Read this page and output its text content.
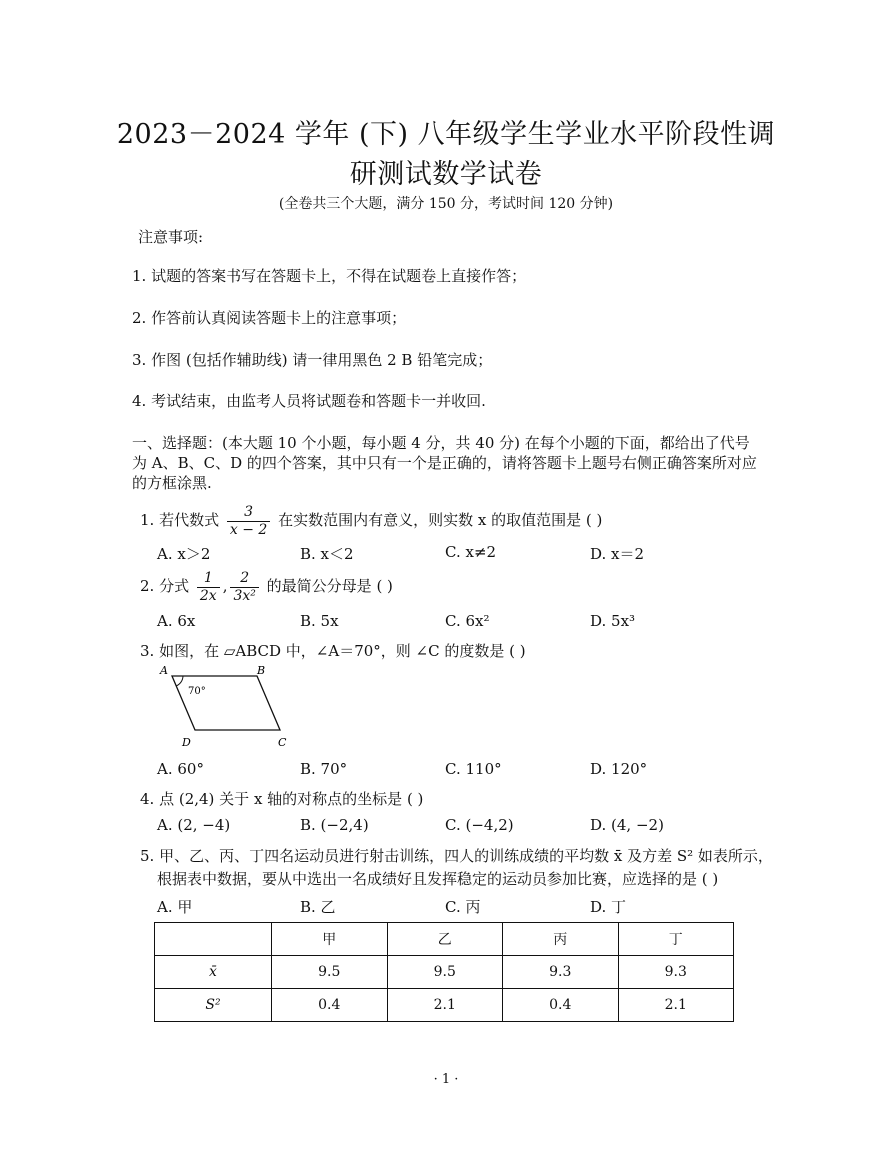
2023－2024 学年 (下) 八年级学生学业水平阶段性调
研测试数学试卷
(全卷共三个大题，满分 150 分，考试时间 120 分钟)
注意事项:
1. 试题的答案书写在答题卡上，不得在试题卷上直接作答；
2. 作答前认真阅读答题卡上的注意事项；
3. 作图 (包括作辅助线) 请一律用黑色 2 B 铅笔完成；
4. 考试结束，由监考人员将试题卷和答题卡一并收回.
一、选择题：(本大题 10 个小题，每小题 4 分，共 40 分) 在每个小题的下面，都给出了代号
为 A、B、C、D 的四个答案，其中只有一个是正确的，请将答题卡上题号右侧正确答案所对应
的方框涂黑.
1. 若代数式 $\frac{3}{x - 2}$ 在实数范围内有意义，则实数 x 的取值范围是 ( )
A. x＞2	B. x＜2	C. x≠2	D. x＝2
2. 分式 $\frac{1}{2x}$ , $\frac{2}{\text{3x²}}$ 的最简公分母是 ( )
A. 6x	B. 5x	C. 6x²	D. 5x³
3. 如图，在 ▱ABCD 中，∠A＝70°，则 ∠C 的度数是 ( )
A	B
C
D
70°
A. 60°	B. 70°	C. 110°	D. 120°
4. 点 (2,4) 关于 x 轴的对称点的坐标是 ( )
A. (2, −4)	B. (−2,4)	C. (−4,2)	D. (4, −2)
5. 甲、乙、丙、丁四名运动员进行射击训练，四人的训练成绩的平均数 x̄ 及方差 S² 如表所示，
根据表中数据，要从中选出一名成绩好且发挥稳定的运动员参加比赛，应选择的是 ( )
A. 甲	B. 乙	C. 丙	D. 丁
	甲	乙	丙	丁
x̄	9.5	9.5	9.3	9.3
S²	0.4	2.1	0.4	2.1
· 1 ·
